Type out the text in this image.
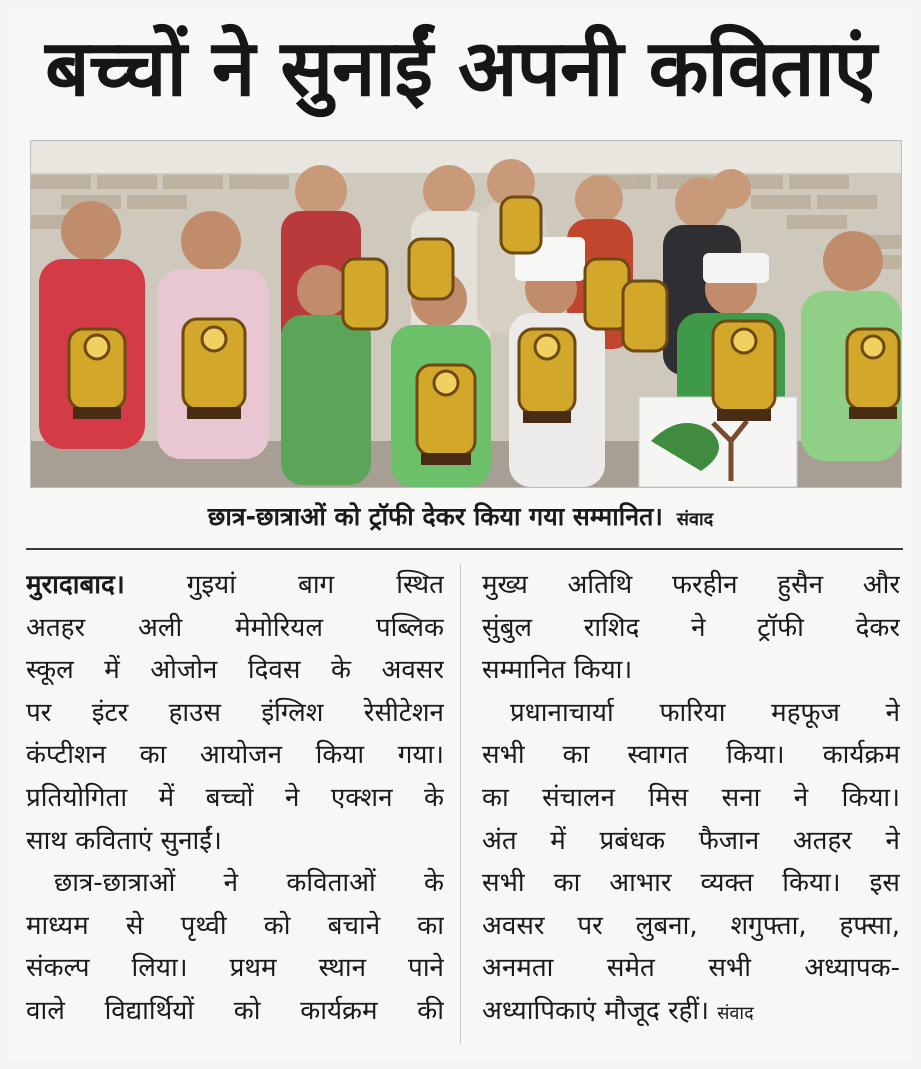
बच्चों ने सुनाईं अपनी कविताएं
छात्र-छात्राओं को ट्रॉफी देकर किया गया सम्मानित। संवाद
मुरादाबाद। गुइयां बाग स्थित
अतहर अली मेमोरियल पब्लिक
स्कूल में ओजोन दिवस के अवसर
पर इंटर हाउस इंग्लिश रेसीटेशन
कंप्टीशन का आयोजन किया गया।
प्रतियोगिता में बच्चों ने एक्शन के
साथ कविताएं सुनाईं।
छात्र-छात्राओं ने कविताओं के
माध्यम से पृथ्वी को बचाने का
संकल्प लिया। प्रथम स्थान पाने
वाले विद्यार्थियों को कार्यक्रम की
मुख्य अतिथि फरहीन हुसैन और
सुंबुल राशिद ने ट्रॉफी देकर
सम्मानित किया।
प्रधानाचार्या फारिया महफूज ने
सभी का स्वागत किया। कार्यक्रम
का संचालन मिस सना ने किया।
अंत में प्रबंधक फैजान अतहर ने
सभी का आभार व्यक्त किया। इस
अवसर पर लुबना, शगुफ्ता, हफ्सा,
अनमता समेत सभी अध्यापक-
अध्यापिकाएं मौजूद रहीं। संवाद
